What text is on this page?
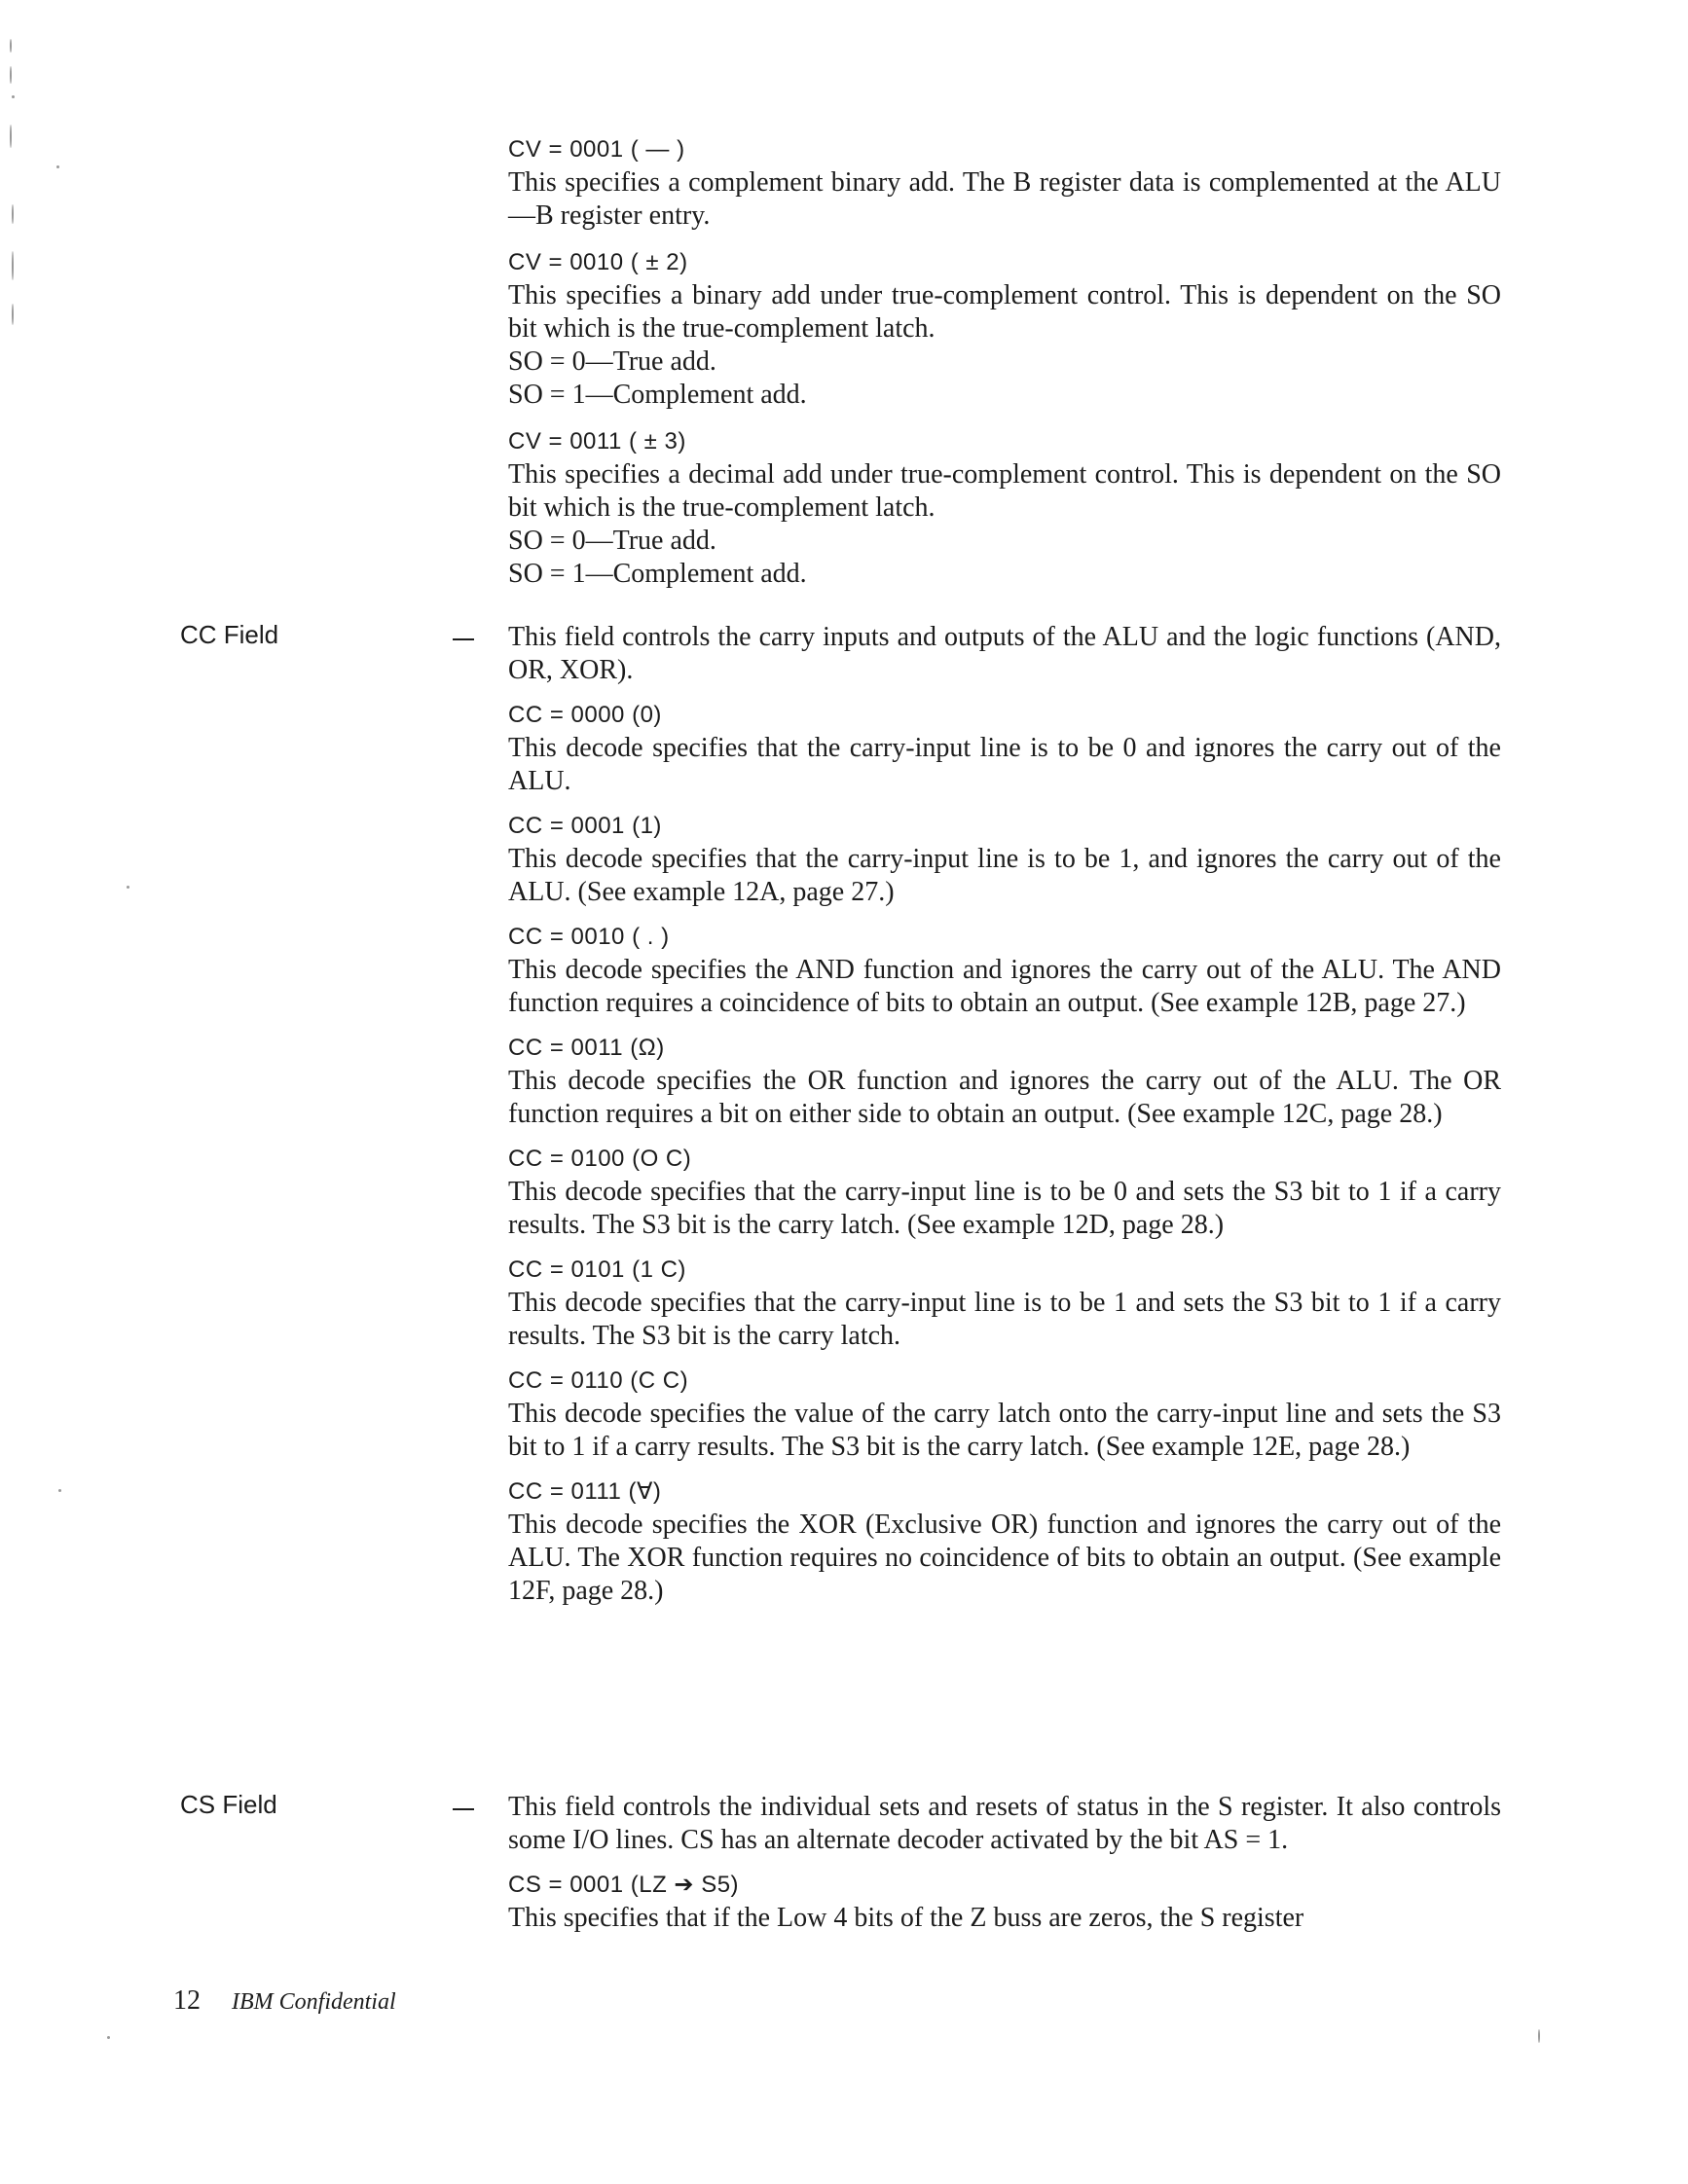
CV = 0001 ( — )

This specifies a complement binary add. The B register data is complemented at the ALU—B register entry.

CV = 0010 ( ± 2)

This specifies a binary add under true-complement control. This is dependent on the SO bit which is the true-complement latch.

SO = 0—True add.

SO = 1—Complement add.

CV = 0011 ( ± 3)

This specifies a decimal add under true-complement control. This is dependent on the SO bit which is the true-complement latch.

SO = 0—True add.

SO = 1—Complement add.

CC Field	This field controls the carry inputs and outputs of the ALU and the logic functions (AND, OR, XOR).

CC = 0000 (0)

This decode specifies that the carry-input line is to be 0 and ignores the carry out of the ALU.

CC = 0001 (1)

This decode specifies that the carry-input line is to be 1, and ignores the carry out of the ALU. (See example 12A, page 27.)

CC = 0010 ( . )

This decode specifies the AND function and ignores the carry out of the ALU. The AND function requires a coincidence of bits to obtain an output. (See example 12B, page 27.)

CC = 0011 (Ω)

This decode specifies the OR function and ignores the carry out of the ALU. The OR function requires a bit on either side to obtain an output. (See example 12C, page 28.)

CC = 0100 (O C)

This decode specifies that the carry-input line is to be 0 and sets the S3 bit to 1 if a carry results. The S3 bit is the carry latch. (See example 12D, page 28.)

CC = 0101 (1 C)

This decode specifies that the carry-input line is to be 1 and sets the S3 bit to 1 if a carry results. The S3 bit is the carry latch.

CC = 0110 (C C)

This decode specifies the value of the carry latch onto the carry-input line and sets the S3 bit to 1 if a carry results. The S3 bit is the carry latch. (See example 12E, page 28.)

CC = 0111 (∀)

This decode specifies the XOR (Exclusive OR) function and ignores the carry out of the ALU. The XOR function requires no coincidence of bits to obtain an output. (See example 12F, page 28.)

CS Field	This field controls the individual sets and resets of status in the S register. It also controls some I/O lines. CS has an alternate decoder activated by the bit AS = 1.

CS = 0001 (LZ ➔ S5)

This specifies that if the Low 4 bits of the Z buss are zeros, the S register

12 IBM Confidential
